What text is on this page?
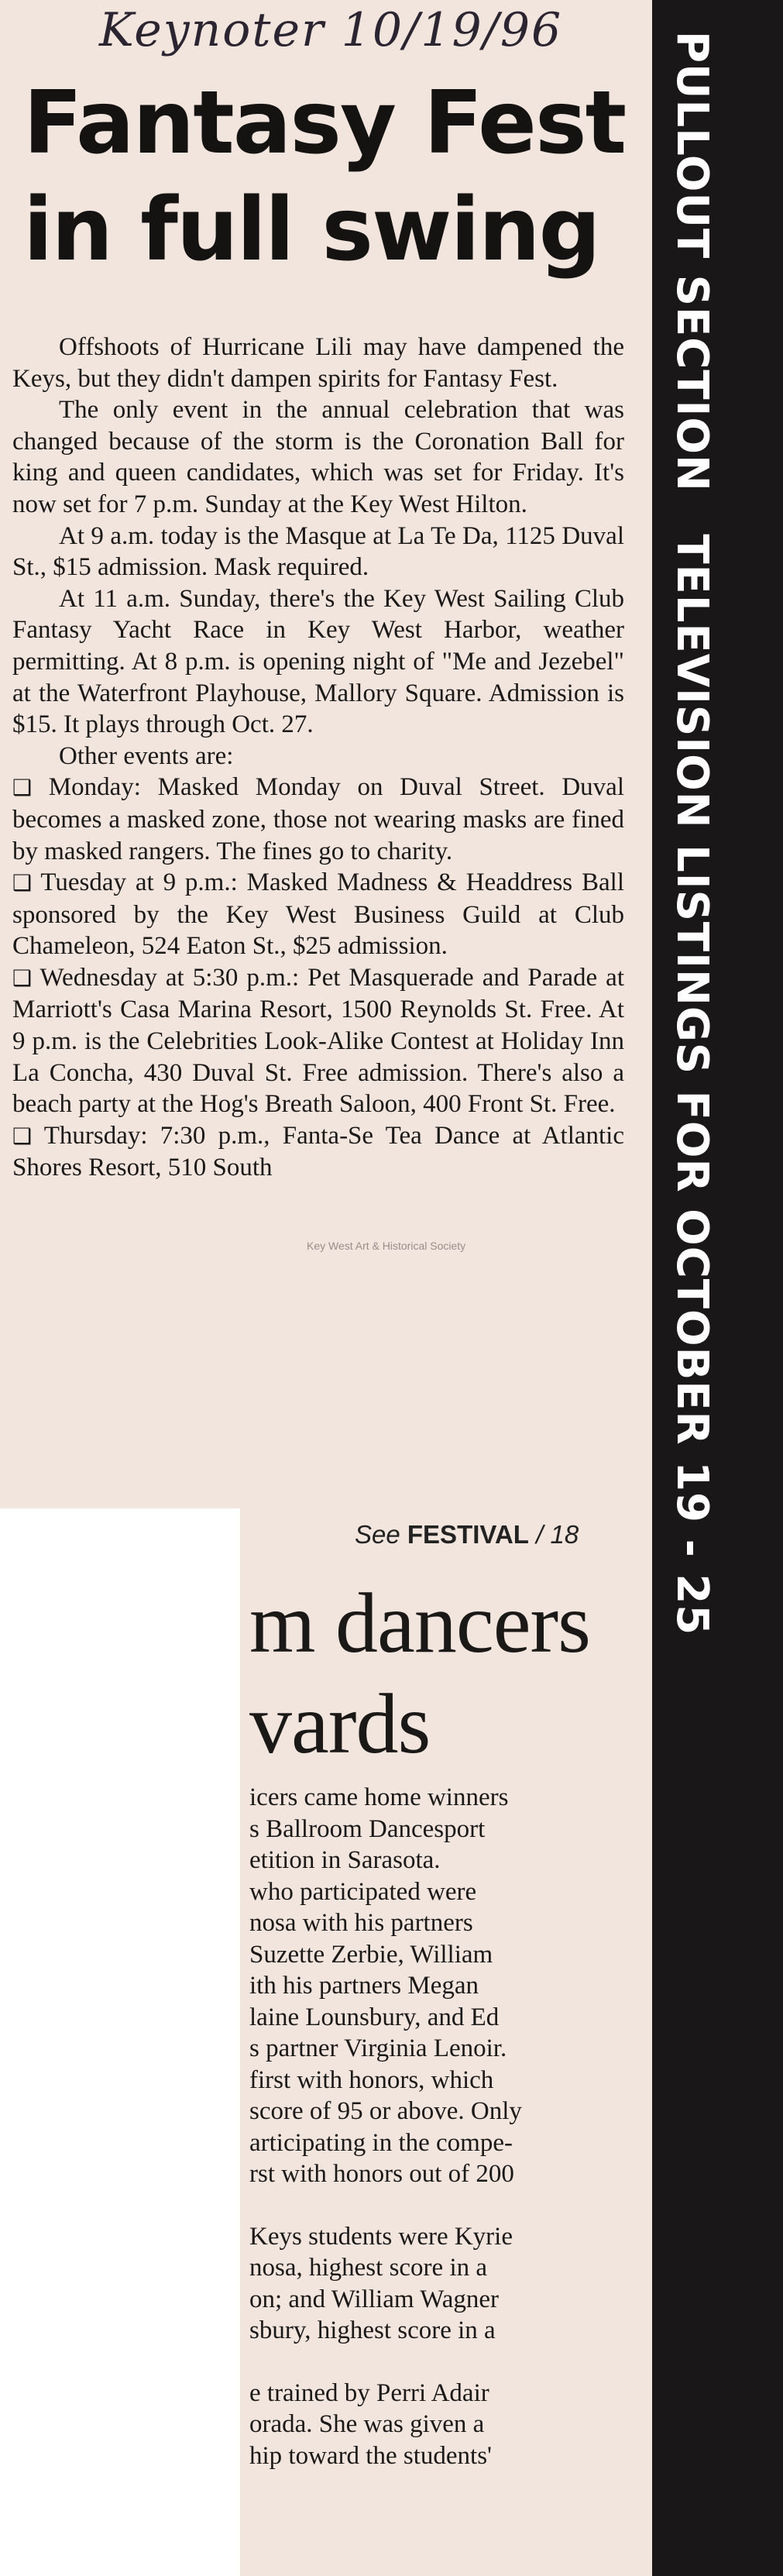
Keynoter 10/19/96
Fantasy Fest
in full swing

Offshoots of Hurricane Lili may have dampened the Keys, but they didn't dampen spirits for Fantasy Fest.

The only event in the annual celebration that was changed because of the storm is the Coronation Ball for king and queen candidates, which was set for Friday. It's now set for 7 p.m. Sunday at the Key West Hilton.

At 9 a.m. today is the Masque at La Te Da, 1125 Duval St., $15 admission. Mask required.

At 11 a.m. Sunday, there's the Key West Sailing Club Fantasy Yacht Race in Key West Harbor, weather permitting. At 8 p.m. is opening night of "Me and Jezebel" at the Waterfront Playhouse, Mallory Square. Admission is $15. It plays through Oct. 27.

Other events are:

❑ Monday: Masked Monday on Duval Street. Duval becomes a masked zone, those not wearing masks are fined by masked rangers. The fines go to charity.

❑ Tuesday at 9 p.m.: Masked Madness & Headdress Ball sponsored by the Key West Business Guild at Club Chameleon, 524 Eaton St., $25 admission.

❑ Wednesday at 5:30 p.m.: Pet Masquerade and Parade at Marriott's Casa Marina Resort, 1500 Reynolds St. Free. At 9 p.m. is the Celebrities Look-Alike Contest at Holiday Inn La Concha, 430 Duval St. Free admission. There's also a beach party at the Hog's Breath Saloon, 400 Front St. Free.

❑ Thursday: 7:30 p.m., Fanta-Se Tea Dance at Atlantic Shores Resort, 510 South

Key West Art & Historical Society
See FESTIVAL / 18
m dancers
vards
icers came home winners
s Ballroom Dancesport
etition in Sarasota.
who participated were
nosa with his partners
Suzette Zerbie, William
ith his partners Megan
laine Lounsbury, and Ed
s partner Virginia Lenoir.
first with honors, which
score of 95 or above. Only
articipating in the compe-
rst with honors out of 200
Keys students were Kyrie
nosa, highest score in a
on; and William Wagner
sbury, highest score in a
e trained by Perri Adair
orada. She was given a
hip toward the students'
PULLOUT SECTION TELEVISION LISTINGS FOR OCTOBER 19 - 25
